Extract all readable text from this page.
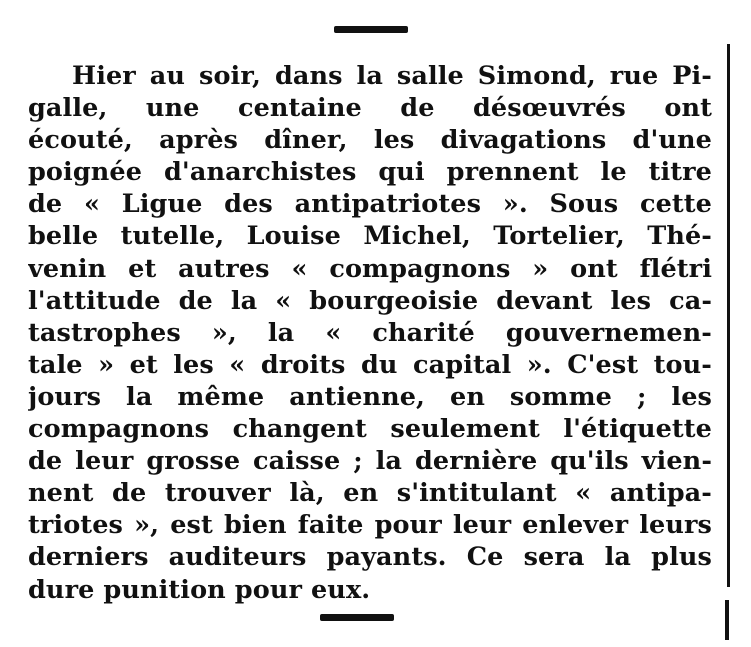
Hier au soir, dans la salle Simond, rue Pi-
galle, une centaine de désœuvrés ont
écouté, après dîner, les divagations d'une
poignée d'anarchistes qui prennent le titre
de « Ligue des antipatriotes ». Sous cette
belle tutelle, Louise Michel, Tortelier, Thé-
venin et autres « compagnons » ont flétri
l'attitude de la « bourgeoisie devant les ca-
tastrophes », la « charité gouvernemen-
tale » et les « droits du capital ». C'est tou-
jours la même antienne, en somme ; les
compagnons changent seulement l'étiquette
de leur grosse caisse ; la dernière qu'ils vien-
nent de trouver là, en s'intitulant « antipa-
triotes », est bien faite pour leur enlever leurs
derniers auditeurs payants. Ce sera la plus
dure punition pour eux.
